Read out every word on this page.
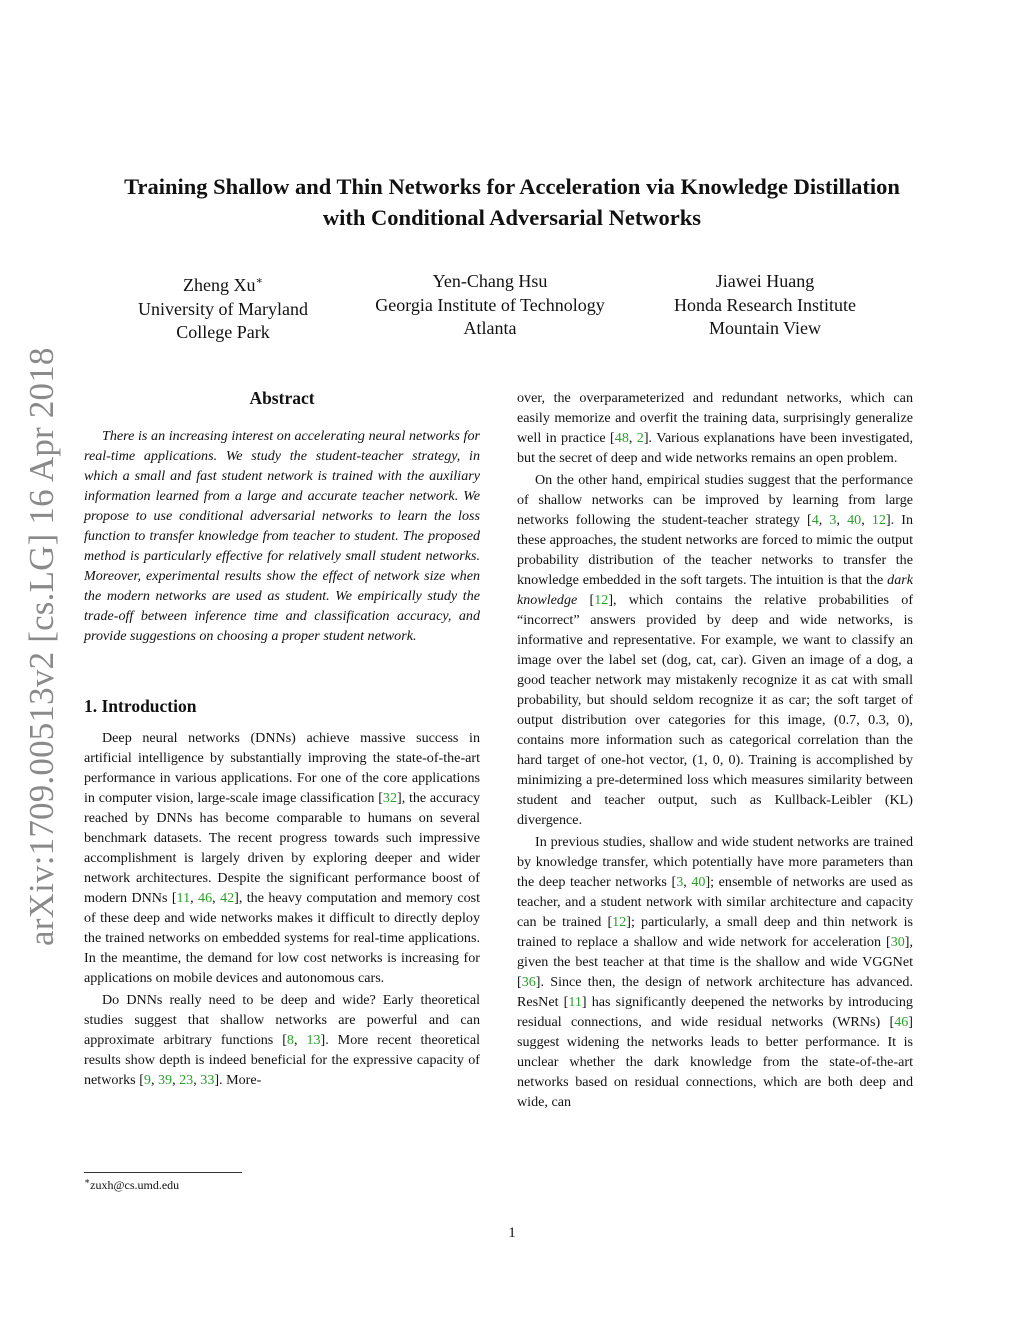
arXiv:1709.00513v2 [cs.LG] 16 Apr 2018
Training Shallow and Thin Networks for Acceleration via Knowledge Distillation
with Conditional Adversarial Networks
Zheng Xu∗
University of Maryland
College Park
Yen-Chang Hsu
Georgia Institute of Technology
Atlanta
Jiawei Huang
Honda Research Institute
Mountain View
Abstract

There is an increasing interest on accelerating neural networks for real-time applications. We study the student-teacher strategy, in which a small and fast student network is trained with the auxiliary information learned from a large and accurate teacher network. We propose to use conditional adversarial networks to learn the loss function to transfer knowledge from teacher to student. The proposed method is particularly effective for relatively small student networks. Moreover, experimental results show the effect of network size when the modern networks are used as student. We empirically study the trade-off between inference time and classification accuracy, and provide suggestions on choosing a proper student network.

1. Introduction

Deep neural networks (DNNs) achieve massive success in artificial intelligence by substantially improving the state-of-the-art performance in various applications. For one of the core applications in computer vision, large-scale image classification [32], the accuracy reached by DNNs has become comparable to humans on several benchmark datasets. The recent progress towards such impressive accomplishment is largely driven by exploring deeper and wider network architectures. Despite the significant performance boost of modern DNNs [11, 46, 42], the heavy computation and memory cost of these deep and wide networks makes it difficult to directly deploy the trained networks on embedded systems for real-time applications. In the meantime, the demand for low cost networks is increasing for applications on mobile devices and autonomous cars.

Do DNNs really need to be deep and wide? Early theoretical studies suggest that shallow networks are powerful and can approximate arbitrary functions [8, 13]. More recent theoretical results show depth is indeed beneficial for the expressive capacity of networks [9, 39, 23, 33]. More-

∗zuxh@cs.umd.edu

over, the overparameterized and redundant networks, which can easily memorize and overfit the training data, surprisingly generalize well in practice [48, 2]. Various explanations have been investigated, but the secret of deep and wide networks remains an open problem.

On the other hand, empirical studies suggest that the performance of shallow networks can be improved by learning from large networks following the student-teacher strategy [4, 3, 40, 12]. In these approaches, the student networks are forced to mimic the output probability distribution of the teacher networks to transfer the knowledge embedded in the soft targets. The intuition is that the dark knowledge [12], which contains the relative probabilities of “incorrect” answers provided by deep and wide networks, is informative and representative. For example, we want to classify an image over the label set (dog, cat, car). Given an image of a dog, a good teacher network may mistakenly recognize it as cat with small probability, but should seldom recognize it as car; the soft target of output distribution over categories for this image, (0.7, 0.3, 0), contains more information such as categorical correlation than the hard target of one-hot vector, (1, 0, 0). Training is accomplished by minimizing a pre-determined loss which measures similarity between student and teacher output, such as Kullback-Leibler (KL) divergence.

In previous studies, shallow and wide student networks are trained by knowledge transfer, which potentially have more parameters than the deep teacher networks [3, 40]; ensemble of networks are used as teacher, and a student network with similar architecture and capacity can be trained [12]; particularly, a small deep and thin network is trained to replace a shallow and wide network for acceleration [30], given the best teacher at that time is the shallow and wide VGGNet [36]. Since then, the design of network architecture has advanced. ResNet [11] has significantly deepened the networks by introducing residual connections, and wide residual networks (WRNs) [46] suggest widening the networks leads to better performance. It is unclear whether the dark knowledge from the state-of-the-art networks based on residual connections, which are both deep and wide, can

1
